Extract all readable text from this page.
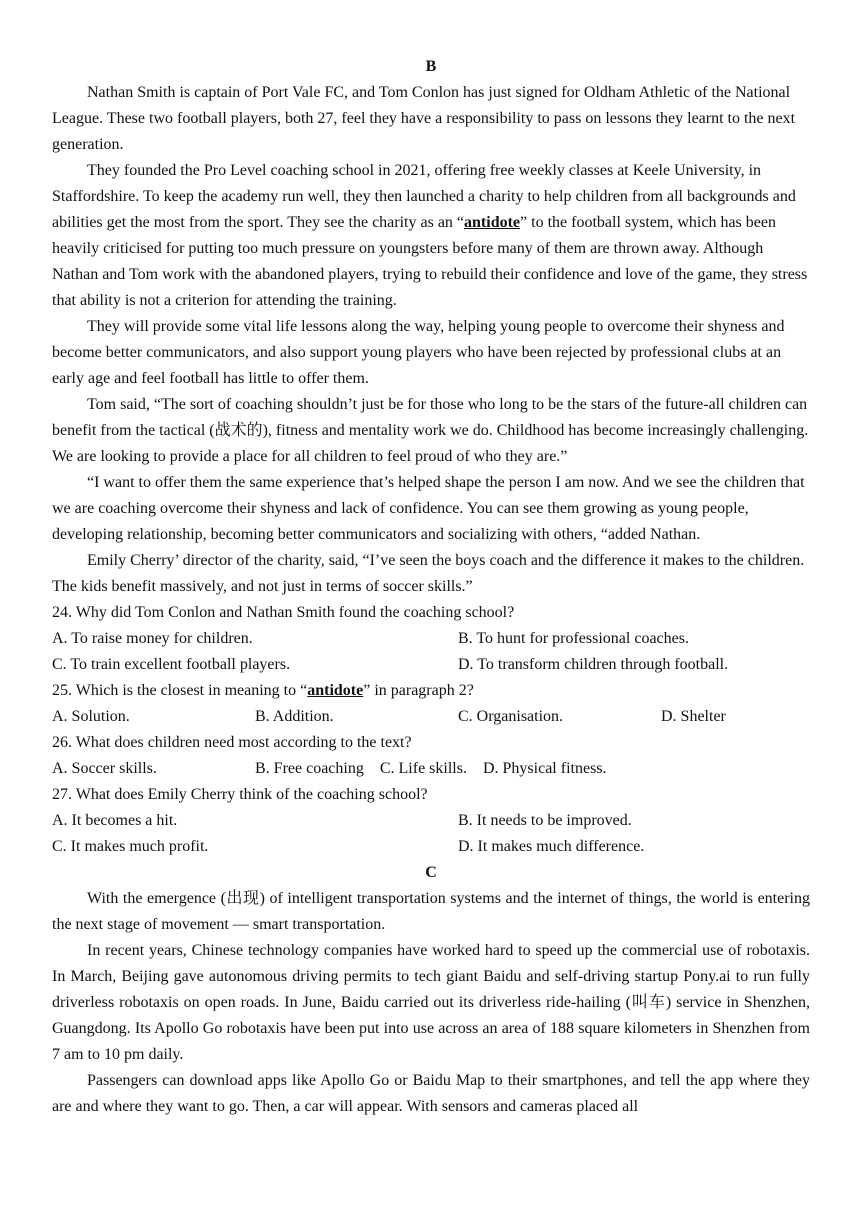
B

Nathan Smith is captain of Port Vale FC, and Tom Conlon has just signed for Oldham Athletic of the National League. These two football players, both 27, feel they have a responsibility to pass on lessons they learnt to the next generation.

They founded the Pro Level coaching school in 2021, offering free weekly classes at Keele University, in Staffordshire. To keep the academy run well, they then launched a charity to help children from all backgrounds and abilities get the most from the sport. They see the charity as an “antidote” to the football system, which has been heavily criticised for putting too much pressure on youngsters before many of them are thrown away. Although Nathan and Tom work with the abandoned players, trying to rebuild their confidence and love of the game, they stress that ability is not a criterion for attending the training.

They will provide some vital life lessons along the way, helping young people to overcome their shyness and become better communicators, and also support young players who have been rejected by professional clubs at an early age and feel football has little to offer them.

Tom said, “The sort of coaching shouldn’t just be for those who long to be the stars of the future-all children can benefit from the tactical (战术的), fitness and mentality work we do. Childhood has become increasingly challenging. We are looking to provide a place for all children to feel proud of who they are.”

“I want to offer them the same experience that’s helped shape the person I am now. And we see the children that we are coaching overcome their shyness and lack of confidence. You can see them growing as young people, developing relationship, becoming better communicators and socializing with others, “added Nathan.

Emily Cherry’ director of the charity, said, “I’ve seen the boys coach and the difference it makes to the children. The kids benefit massively, and not just in terms of soccer skills.”

24. Why did Tom Conlon and Nathan Smith found the coaching school?

A. To raise money for children.	B. To hunt for professional coaches.
C. To train excellent football players.	D. To transform children through football.

25. Which is the closest in meaning to “antidote” in paragraph 2?

A. Solution.	B. Addition.	C. Organisation.	D. Shelter

26. What does children need most according to the text?

A. Soccer skills.	B. Free coaching	C. Life skills.	D. Physical fitness.

27. What does Emily Cherry think of the coaching school?

A. It becomes a hit.	B. It needs to be improved.
C. It makes much profit.	D. It makes much difference.

C

With the emergence (出现) of intelligent transportation systems and the internet of things, the world is entering the next stage of movement — smart transportation.

In recent years, Chinese technology companies have worked hard to speed up the commercial use of robotaxis. In March, Beijing gave autonomous driving permits to tech giant Baidu and self-driving startup Pony.ai to run fully driverless robotaxis on open roads. In June, Baidu carried out its driverless ride-hailing (叫车) service in Shenzhen, Guangdong. Its Apollo Go robotaxis have been put into use across an area of 188 square kilometers in Shenzhen from 7 am to 10 pm daily.

Passengers can download apps like Apollo Go or Baidu Map to their smartphones, and tell the app where they are and where they want to go. Then, a car will appear. With sensors and cameras placed all
